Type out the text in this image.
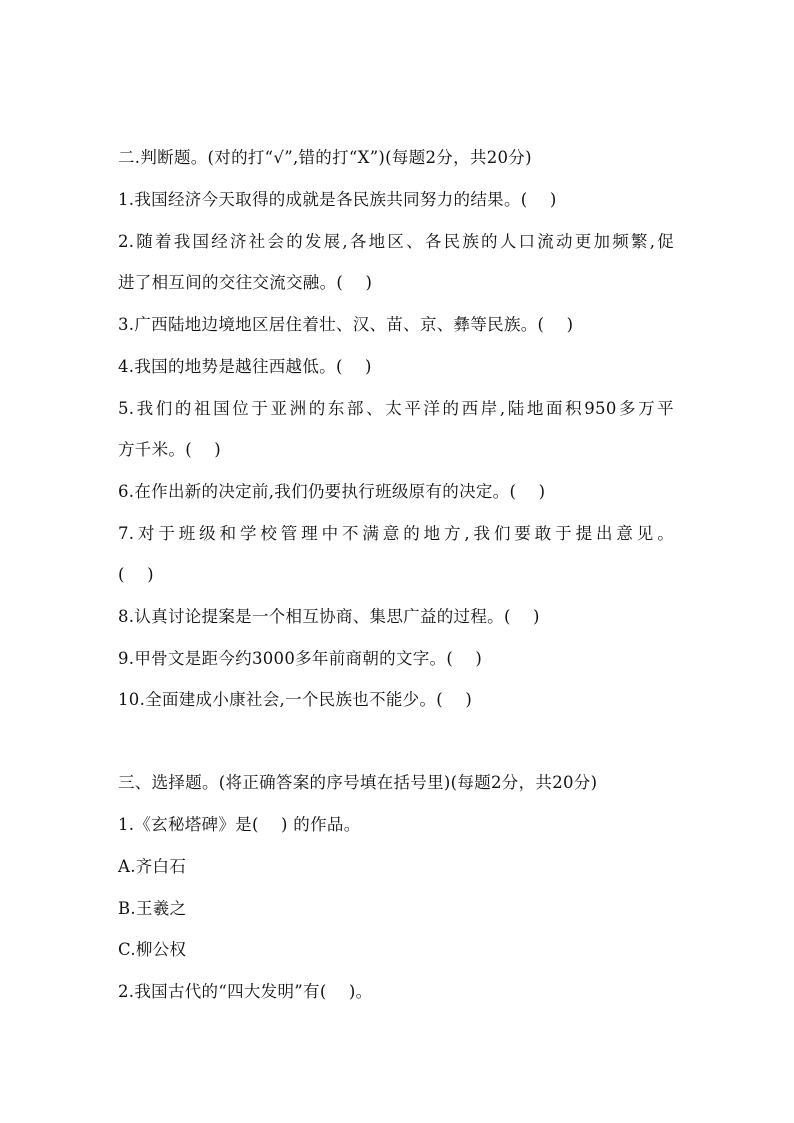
二.判断题。(对的打“√”,错的打“X”)(每题2分，共20分)
1.我国经济今天取得的成就是各民族共同努力的结果。(　 )
2.随着我国经济社会的发展,各地区、各民族的人口流动更加频繁,促
进了相互间的交往交流交融。(　 )
3.广西陆地边境地区居住着壮、汉、苗、京、彝等民族。(　 )
4.我国的地势是越往西越低。(　 )
5.我们的祖国位于亚洲的东部、太平洋的西岸,陆地面积950多万平
方千米。(　 )
6.在作出新的决定前,我们仍要执行班级原有的决定。(　 )
7.对于班级和学校管理中不满意的地方,我们要敢于提出意见。
(　 )
8.认真讨论提案是一个相互协商、集思广益的过程。(　 )
9.甲骨文是距今约3000多年前商朝的文字。(　 )
10.全面建成小康社会,一个民族也不能少。(　 )
三、选择题。(将正确答案的序号填在括号里)(每题2分，共20分)
1.《玄秘塔碑》是(　 ) 的作品。
A.齐白石
B.王羲之
C.柳公权
2.我国古代的“四大发明”有(　 )。
